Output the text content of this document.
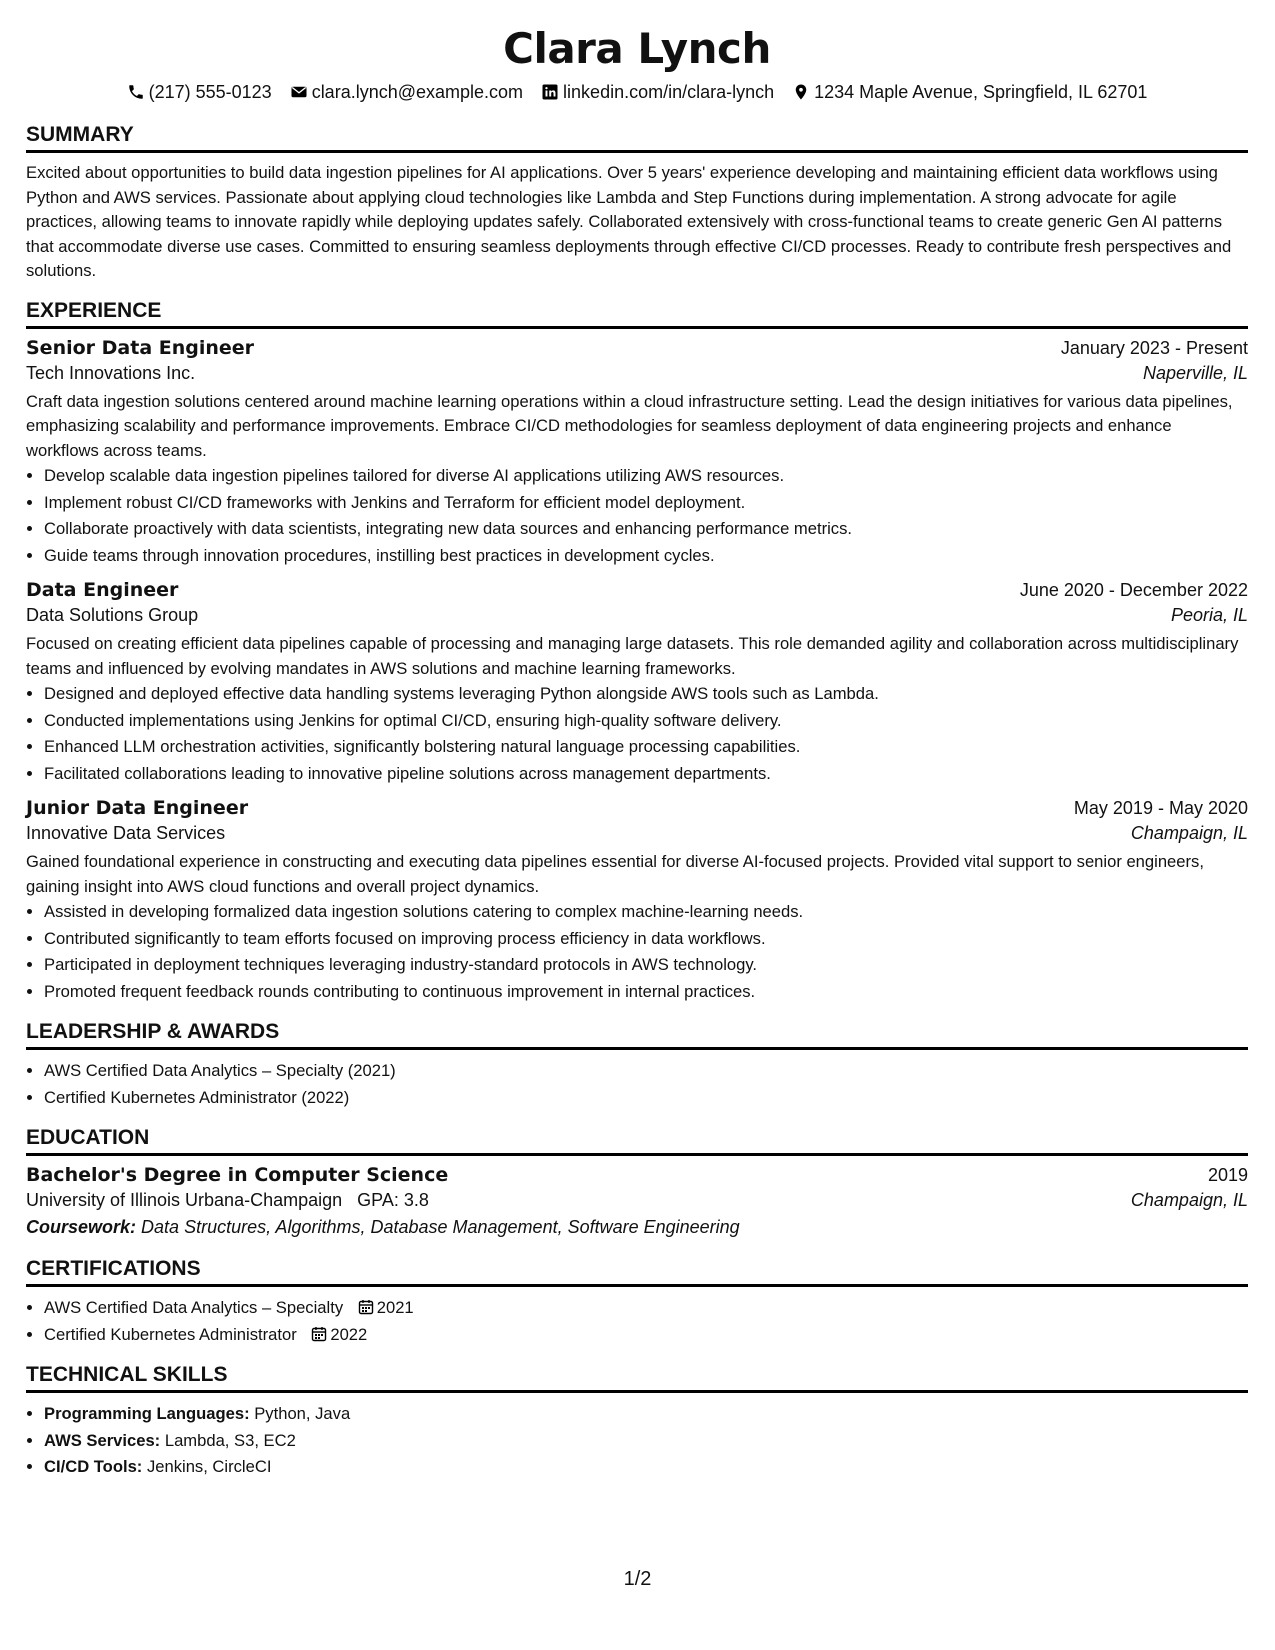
Clara Lynch
(217) 555-0123 clara.lynch@example.com linkedin.com/in/clara-lynch 1234 Maple Avenue, Springfield, IL 62701
SUMMARY

Excited about opportunities to build data ingestion pipelines for AI applications. Over 5 years' experience developing and maintaining efficient data workflows using Python and AWS services. Passionate about applying cloud technologies like Lambda and Step Functions during implementation. A strong advocate for agile practices, allowing teams to innovate rapidly while deploying updates safely. Collaborated extensively with cross-functional teams to create generic Gen AI patterns that accommodate diverse use cases. Committed to ensuring seamless deployments through effective CI/CD processes. Ready to contribute fresh perspectives and solutions.

EXPERIENCE
Senior Data Engineer	January 2023 - Present
Tech Innovations Inc.	Naperville, IL

Craft data ingestion solutions centered around machine learning operations within a cloud infrastructure setting. Lead the design initiatives for various data pipelines, emphasizing scalability and performance improvements. Embrace CI/CD methodologies for seamless deployment of data engineering projects and enhance workflows across teams.

• Develop scalable data ingestion pipelines tailored for diverse AI applications utilizing AWS resources.
• Implement robust CI/CD frameworks with Jenkins and Terraform for efficient model deployment.
• Collaborate proactively with data scientists, integrating new data sources and enhancing performance metrics.
• Guide teams through innovation procedures, instilling best practices in development cycles.
Data Engineer	June 2020 - December 2022
Data Solutions Group	Peoria, IL

Focused on creating efficient data pipelines capable of processing and managing large datasets. This role demanded agility and collaboration across multidisciplinary teams and influenced by evolving mandates in AWS solutions and machine learning frameworks.

• Designed and deployed effective data handling systems leveraging Python alongside AWS tools such as Lambda.
• Conducted implementations using Jenkins for optimal CI/CD, ensuring high-quality software delivery.
• Enhanced LLM orchestration activities, significantly bolstering natural language processing capabilities.
• Facilitated collaborations leading to innovative pipeline solutions across management departments.
Junior Data Engineer	May 2019 - May 2020
Innovative Data Services	Champaign, IL

Gained foundational experience in constructing and executing data pipelines essential for diverse AI-focused projects. Provided vital support to senior engineers, gaining insight into AWS cloud functions and overall project dynamics.

• Assisted in developing formalized data ingestion solutions catering to complex machine-learning needs.
• Contributed significantly to team efforts focused on improving process efficiency in data workflows.
• Participated in deployment techniques leveraging industry-standard protocols in AWS technology.
• Promoted frequent feedback rounds contributing to continuous improvement in internal practices.
LEADERSHIP & AWARDS
• AWS Certified Data Analytics – Specialty (2021)
• Certified Kubernetes Administrator (2022)
EDUCATION
Bachelor's Degree in Computer Science	2019
University of Illinois Urbana-Champaign GPA: 3.8	Champaign, IL
Coursework: Data Structures, Algorithms, Database Management, Software Engineering
CERTIFICATIONS
• AWS Certified Data Analytics – Specialty 2021
• Certified Kubernetes Administrator 2022
TECHNICAL SKILLS
• Programming Languages: Python, Java
• AWS Services: Lambda, S3, EC2
• CI/CD Tools: Jenkins, CircleCI
1/2
